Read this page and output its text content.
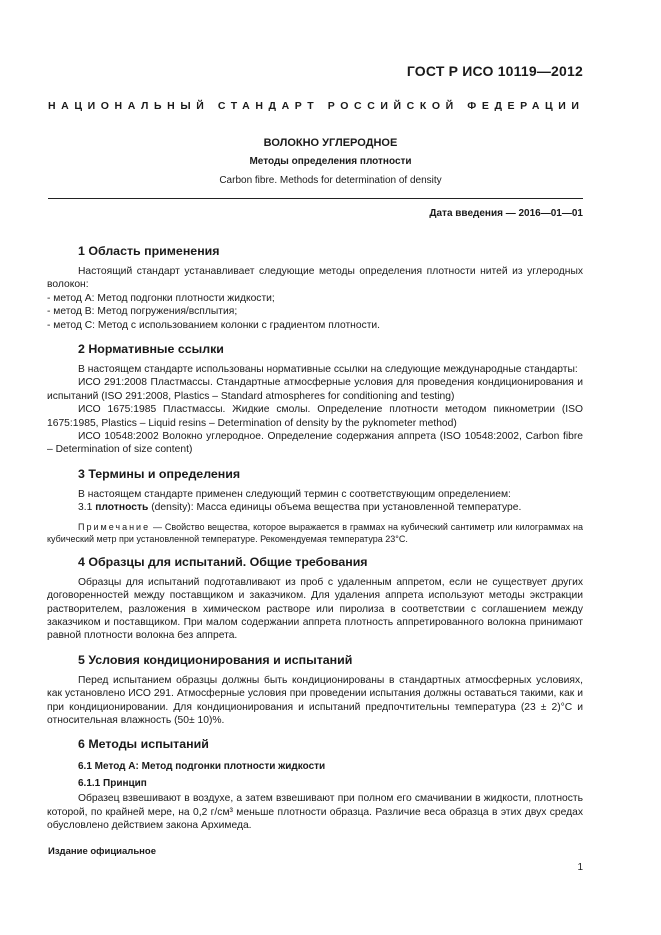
ГОСТ Р ИСО 10119—2012
НАЦИОНАЛЬНЫЙ СТАНДАРТ РОССИЙСКОЙ ФЕДЕРАЦИИ
ВОЛОКНО УГЛЕРОДНОЕ
Методы определения плотности
Carbon fibre. Methods for determination of density
Дата введения — 2016—01—01
1 Область применения

Настоящий стандарт устанавливает следующие методы определения плотности нитей из углеродных волокон:

- метод А: Метод подгонки плотности жидкости;

- метод В: Метод погружения/всплытия;

- метод С: Метод с использованием колонки с градиентом плотности.

2 Нормативные ссылки

В настоящем стандарте использованы нормативные ссылки на следующие международные стандарты:

ИСО 291:2008 Пластмассы. Стандартные атмосферные условия для проведения кондиционирования и испытаний (ISO 291:2008, Plastics – Standard atmospheres for conditioning and testing)

ИСО 1675:1985 Пластмассы. Жидкие смолы. Определение плотности методом пикнометрии (ISO 1675:1985, Plastics – Liquid resins – Determination of density by the pyknometer method)

ИСО 10548:2002 Волокно углеродное. Определение содержания аппрета (ISO 10548:2002, Carbon fibre – Determination of size content)

3 Термины и определения

В настоящем стандарте применен следующий термин с соответствующим определением:

3.1 плотность (density): Масса единицы объема вещества при установленной температуре.

Примечание — Свойство вещества, которое выражается в граммах на кубический сантиметр или килограммах на кубический метр при установленной температуре. Рекомендуемая температура 23°С.

4 Образцы для испытаний. Общие требования

Образцы для испытаний подготавливают из проб с удаленным аппретом, если не существует других договоренностей между поставщиком и заказчиком. Для удаления аппрета используют методы экстракции растворителем, разложения в химическом растворе или пиролиза в соответствии с соглашением между заказчиком и поставщиком. При малом содержании аппрета плотность аппретированного волокна принимают равной плотности волокна без аппрета.

5 Условия кондиционирования и испытаний

Перед испытанием образцы должны быть кондиционированы в стандартных атмосферных условиях, как установлено ИСО 291. Атмосферные условия при проведении испытания должны оставаться такими, как и при кондиционировании. Для кондиционирования и испытаний предпочтительны температура (23 ± 2)°С и относительная влажность (50± 10)%.

6 Методы испытаний
6.1 Метод А: Метод подгонки плотности жидкости
6.1.1 Принцип

Образец взвешивают в воздухе, а затем взвешивают при полном его смачивании в жидкости, плотность которой, по крайней мере, на 0,2 г/см³ меньше плотности образца. Различие веса образца в этих двух средах обусловлено действием закона Архимеда.

Издание официальное
1
